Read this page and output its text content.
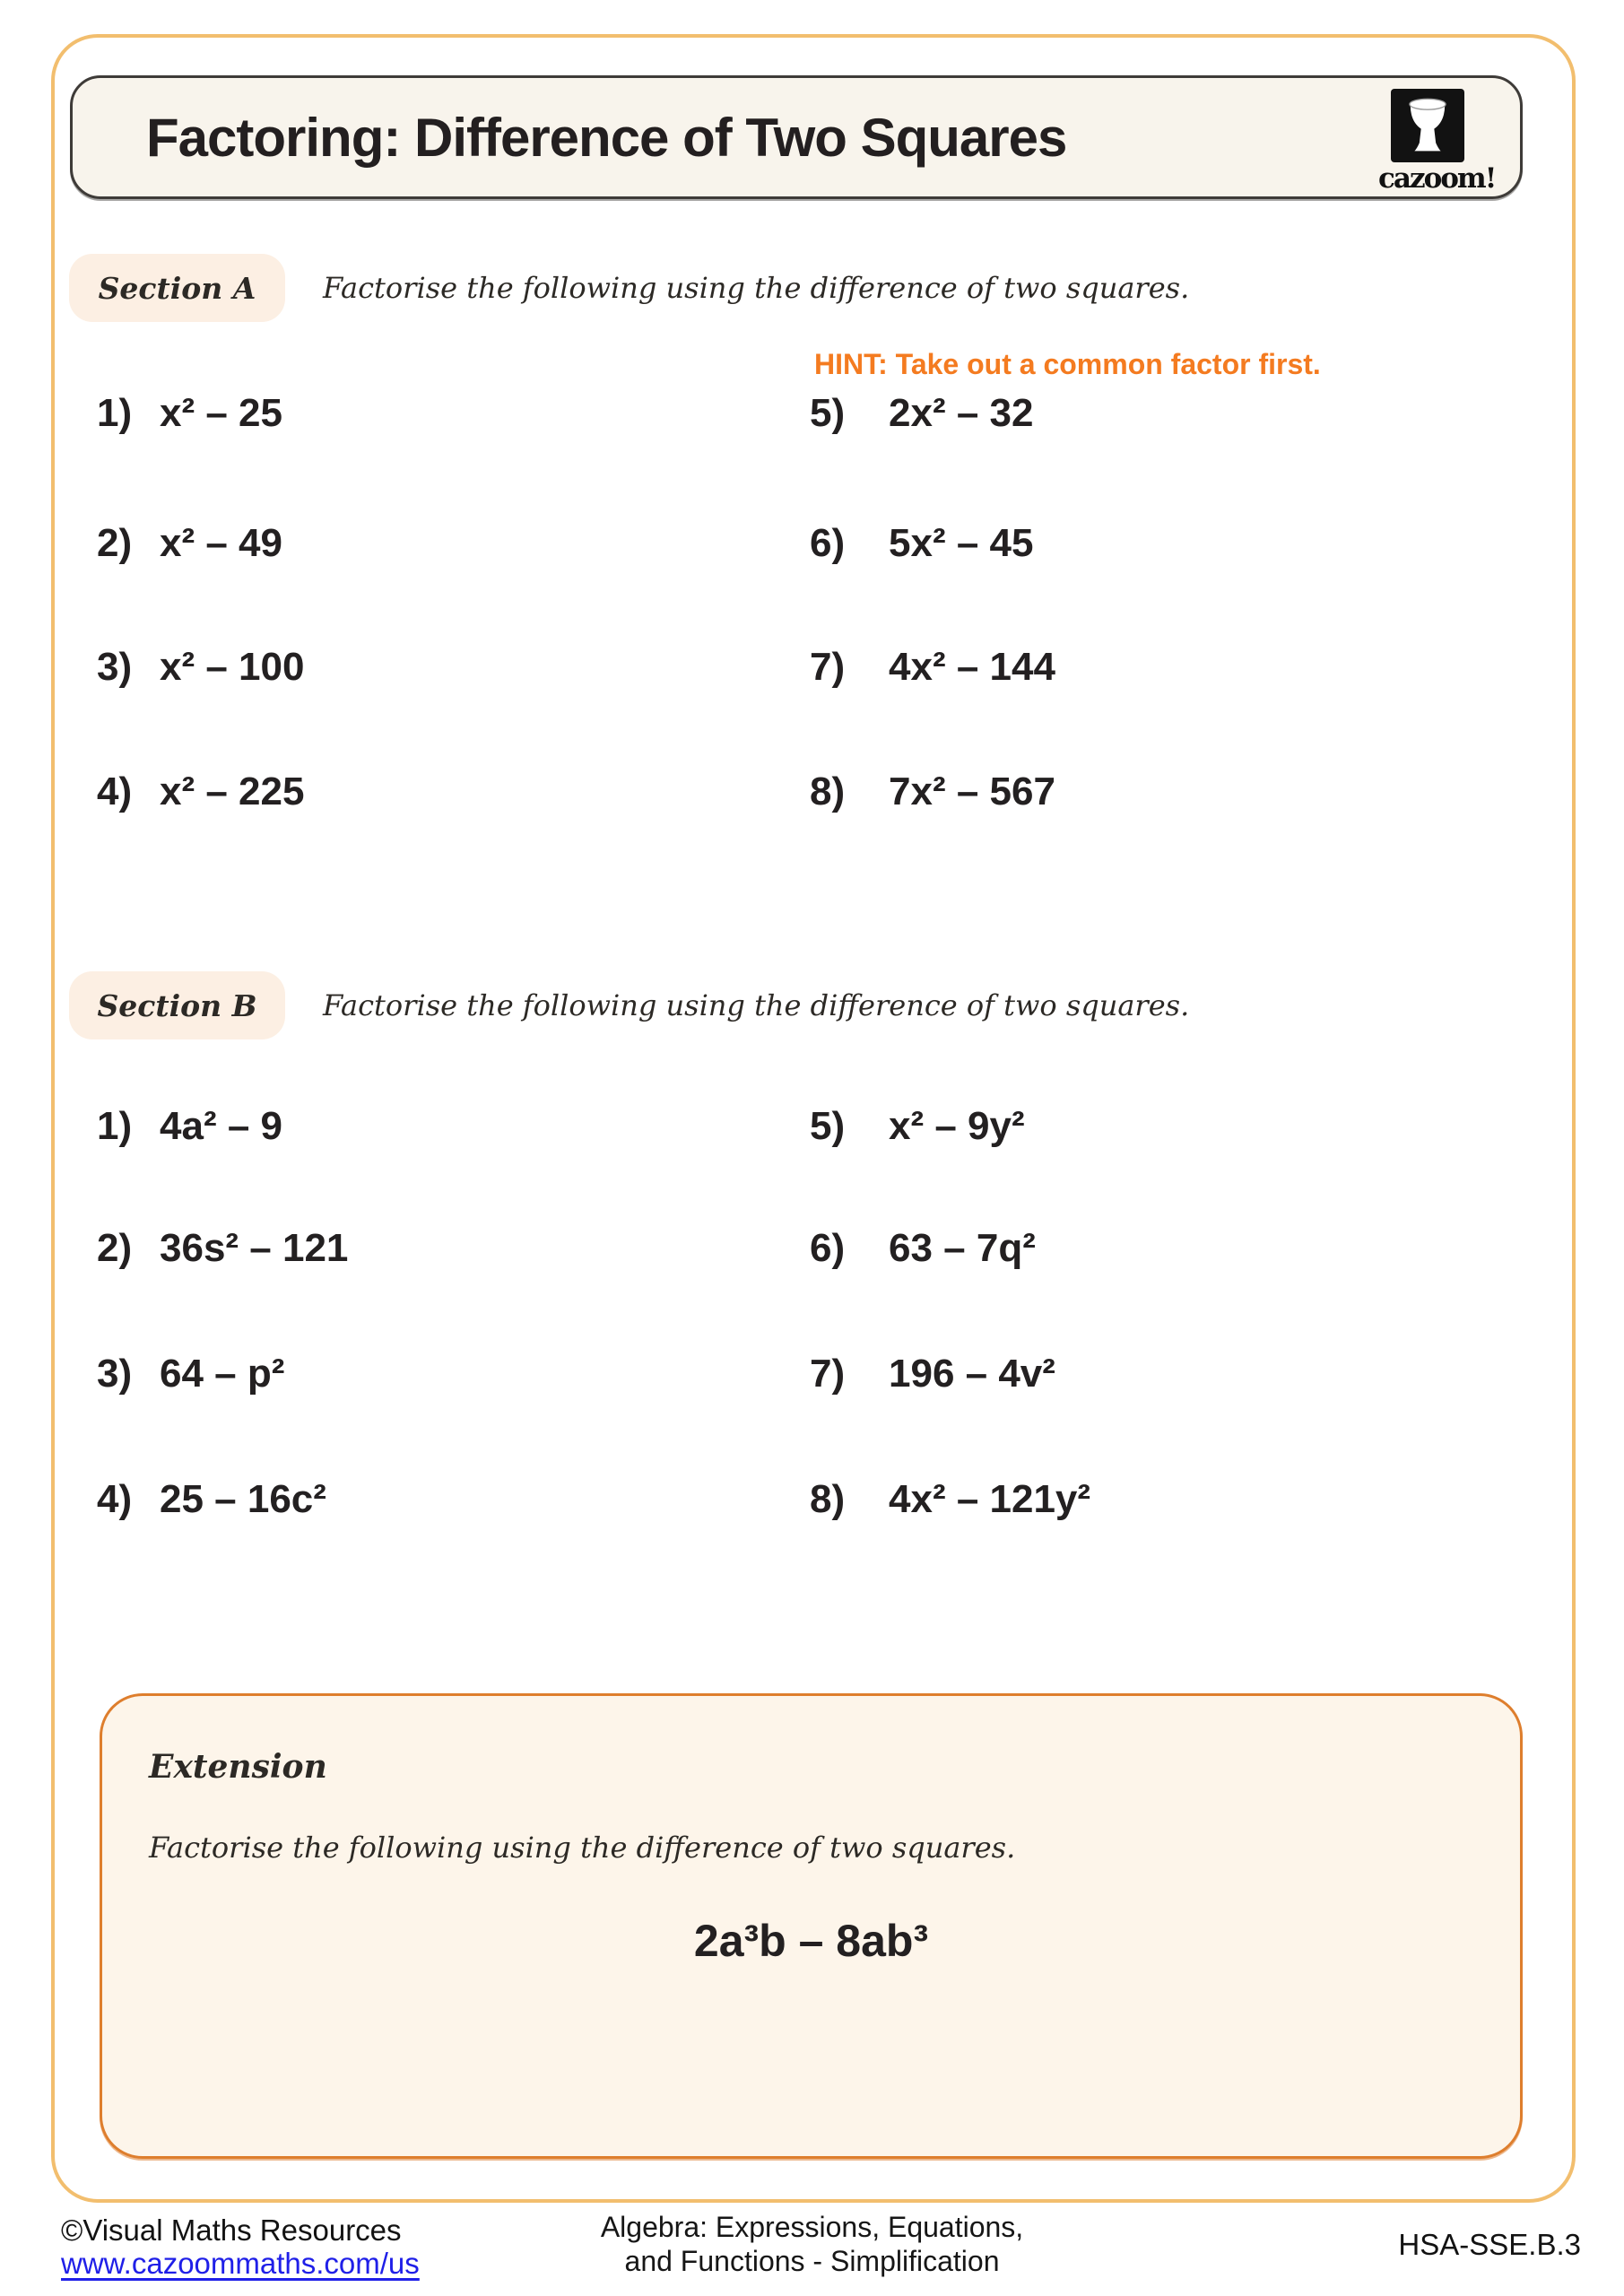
Factoring: Difference of Two Squares
cazoom!
Section A	Factorise the following using the difference of two squares.
HINT: Take out a common factor first.
1) x² – 25
2) x² – 49
3) x² – 100
4) x² – 225
5) 2x² – 32
6) 5x² – 45
7) 4x² – 144
8) 7x² – 567
Section B	Factorise the following using the difference of two squares.
1) 4a² – 9
2) 36s² – 121
3) 64 – p²
4) 25 – 16c²
5) x² – 9y²
6) 63 – 7q²
7) 196 – 4v²
8) 4x² – 121y²
Extension
Factorise the following using the difference of two squares.
2a³b – 8ab³
©Visual Maths Resources
www.cazoommaths.com/us
Algebra: Expressions, Equations,
and Functions - Simplification	HSA-SSE.B.3
